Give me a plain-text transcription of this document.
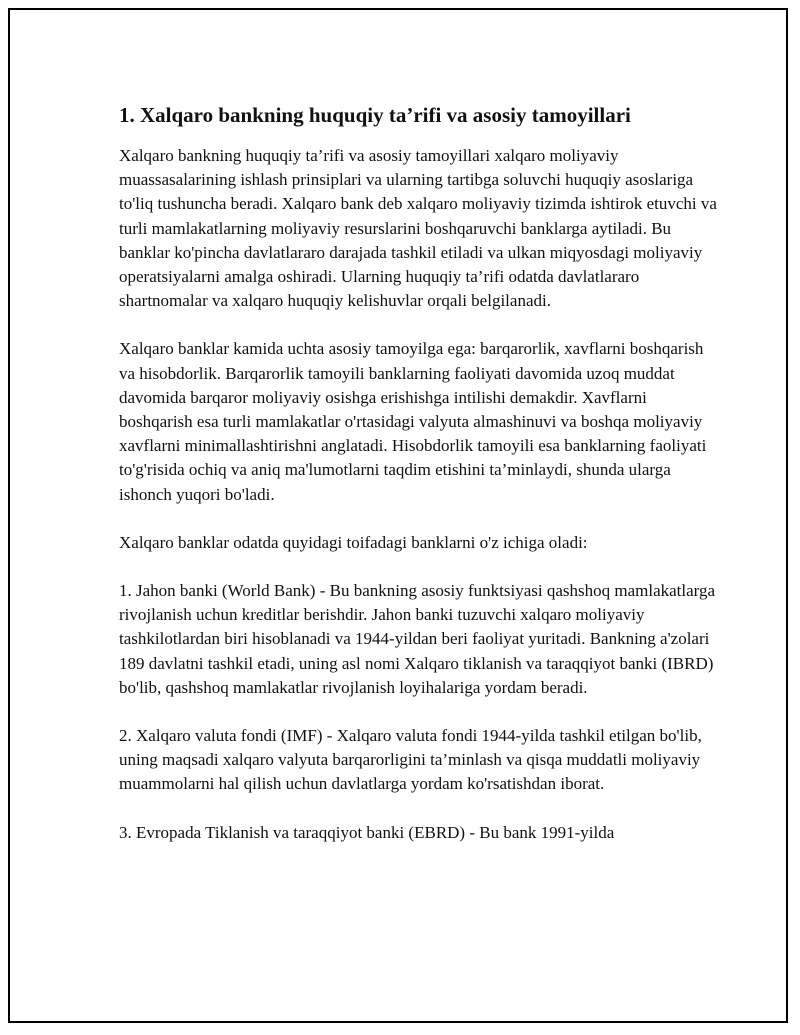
1. Xalqaro bankning huquqiy ta’rifi va asosiy tamoyillari

Xalqaro bankning huquqiy ta’rifi va asosiy tamoyillari xalqaro moliyaviy muassasalarining ishlash prinsiplari va ularning tartibga soluvchi huquqiy asoslariga to'liq tushuncha beradi. Xalqaro bank deb xalqaro moliyaviy tizimda ishtirok etuvchi va turli mamlakatlarning moliyaviy resurslarini boshqaruvchi banklarga aytiladi. Bu banklar ko'pincha davlatlararo darajada tashkil etiladi va ulkan miqyosdagi moliyaviy operatsiyalarni amalga oshiradi. Ularning huquqiy ta’rifi odatda davlatlararo shartnomalar va xalqaro huquqiy kelishuvlar orqali belgilanadi.

Xalqaro banklar kamida uchta asosiy tamoyilga ega: barqarorlik, xavflarni boshqarish va hisobdorlik. Barqarorlik tamoyili banklarning faoliyati davomida uzoq muddat davomida barqaror moliyaviy osishga erishishga intilishi demakdir. Xavflarni boshqarish esa turli mamlakatlar o'rtasidagi valyuta almashinuvi va boshqa moliyaviy xavflarni minimallashtirishni anglatadi. Hisobdorlik tamoyili esa banklarning faoliyati to'g'risida ochiq va aniq ma'lumotlarni taqdim etishini ta’minlaydi, shunda ularga ishonch yuqori bo'ladi.

Xalqaro banklar odatda quyidagi toifadagi banklarni o'z ichiga oladi:

1. Jahon banki (World Bank) - Bu bankning asosiy funktsiyasi qashshoq mamlakatlarga rivojlanish uchun kreditlar berishdir. Jahon banki tuzuvchi xalqaro moliyaviy tashkilotlardan biri hisoblanadi va 1944-yildan beri faoliyat yuritadi. Bankning a'zolari 189 davlatni tashkil etadi, uning asl nomi Xalqaro tiklanish va taraqqiyot banki (IBRD) bo'lib, qashshoq mamlakatlar rivojlanish loyihalariga yordam beradi.

2. Xalqaro valuta fondi (IMF) - Xalqaro valuta fondi 1944-yilda tashkil etilgan bo'lib, uning maqsadi xalqaro valyuta barqarorligini ta’minlash va qisqa muddatli moliyaviy muammolarni hal qilish uchun davlatlarga yordam ko'rsatishdan iborat.

3. Evropada Tiklanish va taraqqiyot banki (EBRD) - Bu bank 1991-yilda
